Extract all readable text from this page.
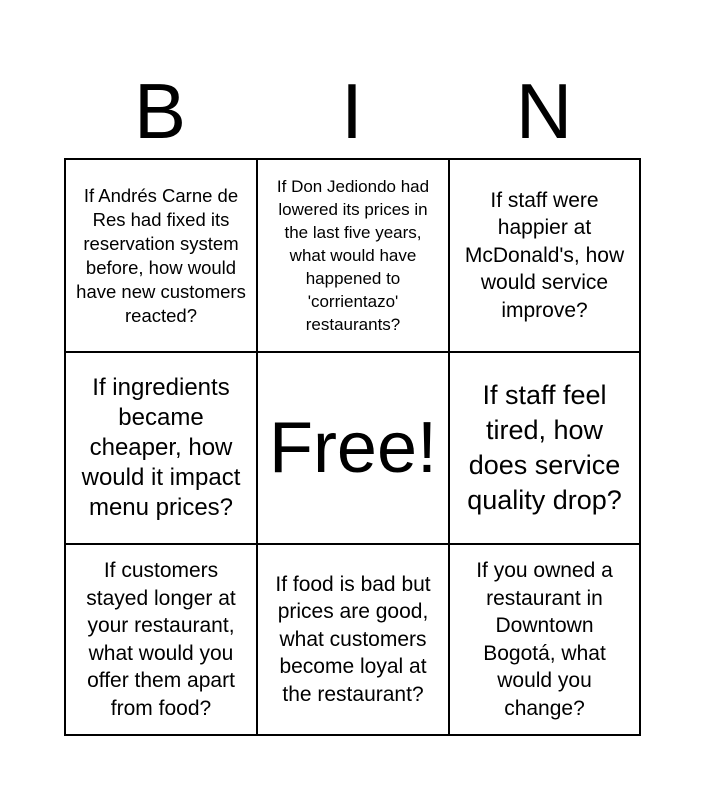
B	I	N
If Andrés Carne de Res had fixed its reservation system before, how would have new customers reacted?
If Don Jediondo had lowered its prices in the last five years, what would have happened to 'corrientazo' restaurants?
If staff were happier at McDonald's, how would service improve?
If ingredients became cheaper, how would it impact menu prices?
Free!
If staff feel tired, how does service quality drop?
If customers stayed longer at your restaurant, what would you offer them apart from food?
If food is bad but prices are good, what customers become loyal at the restaurant?
If you owned a restaurant in Downtown Bogotá, what would you change?
